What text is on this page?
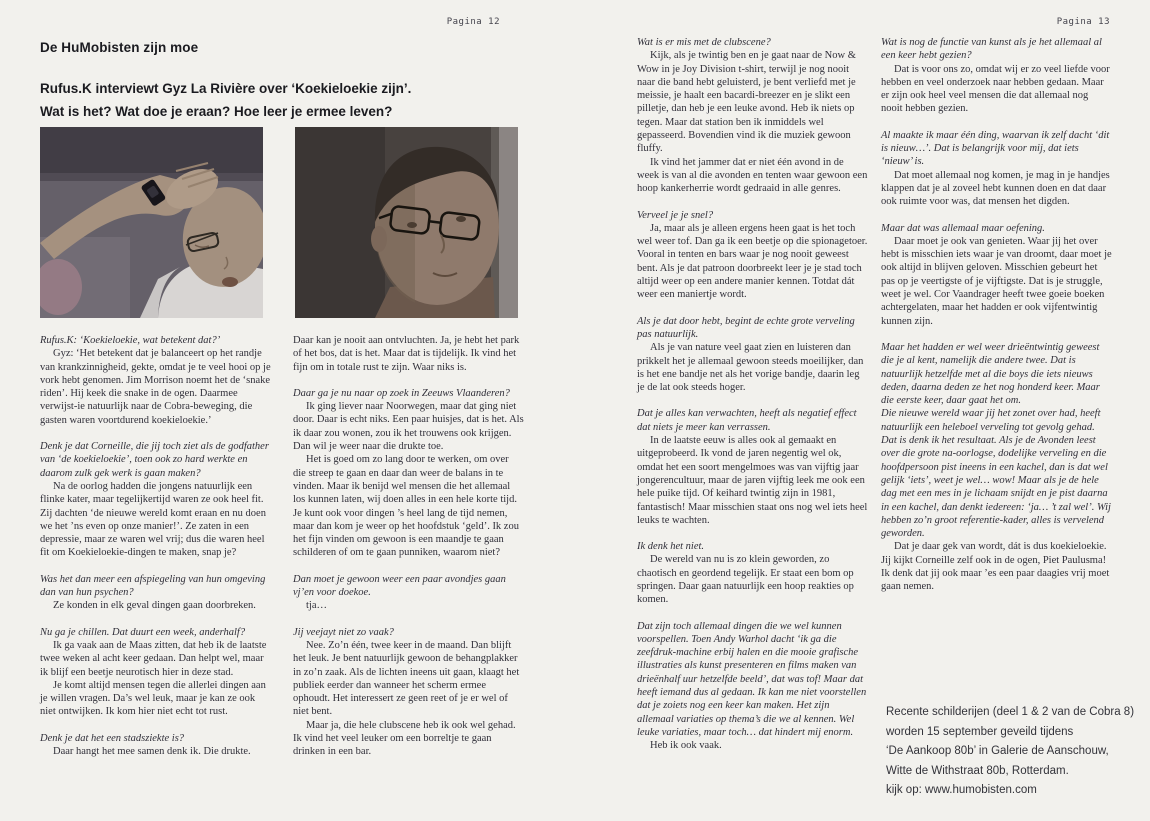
Pagina 12	Pagina 13
De HuMobisten zijn moe
Rufus.K interviewt Gyz La Rivière over ‘Koekieloekie zijn’.
Wat is het? Wat doe je eraan? Hoe leer je ermee leven?

Rufus.K: ‘Koekieloekie, wat betekent dat?’

Gyz: ‘Het betekent dat je balanceert op het randje van krankzinnigheid, gekte, omdat je te veel hooi op je vork hebt genomen. Jim Morrison noemt het de ‘snake riden’. Hij keek die snake in de ogen. Daarmee verwijst-ie natuurlijk naar de Cobra-beweging, die gasten waren voortdurend koekieloekie.’

Denk je dat Corneille, die jij toch ziet als de godfather van ‘de koekieloekie’, toen ook zo hard werkte en daarom zulk gek werk is gaan maken?

Na de oorlog hadden die jongens natuurlijk een flinke kater, maar tegelijkertijd waren ze ook heel fit. Zij dachten ‘de nieuwe wereld komt eraan en nu doen we het ’ns even op onze manier!’. Ze zaten in een depressie, maar ze waren wel vrij; dus die waren heel fit om Koekieloekie-dingen te maken, snap je?

Was het dan meer een afspiegeling van hun omgeving dan van hun psychen?

Ze konden in elk geval dingen gaan doorbreken.

Nu ga je chillen. Dat duurt een week, anderhalf?

Ik ga vaak aan de Maas zitten, dat heb ik de laatste twee weken al acht keer gedaan. Dan helpt wel, maar ik blijf een beetje neurotisch hier in deze stad.

Je komt altijd mensen tegen die allerlei dingen aan je willen vragen. Da’s wel leuk, maar je kan ze ook niet ontwijken. Ik kom hier niet echt tot rust.

Denk je dat het een stadsziekte is?

Daar hangt het mee samen denk ik. Die drukte.

Daar kan je nooit aan ontvluchten. Ja, je hebt het park of het bos, dat is het. Maar dat is tijdelijk. Ik vind het fijn om in totale rust te zijn. Waar niks is.

Daar ga je nu naar op zoek in Zeeuws Vlaanderen?

Ik ging liever naar Noorwegen, maar dat ging niet door. Daar is echt niks. Een paar huisjes, dat is het. Als ik daar zou wonen, zou ik het trouwens ook krijgen. Dan wil je weer naar die drukte toe.

Het is goed om zo lang door te werken, om over die streep te gaan en daar dan weer de balans in te vinden. Maar ik benijd wel mensen die het allemaal los kunnen laten, wij doen alles in een hele korte tijd. Je kunt ook voor dingen ’s heel lang de tijd nemen, maar dan kom je weer op het hoofdstuk ‘geld’. Ik zou het fijn vinden om gewoon is een maandje te gaan schilderen of om te gaan punniken, waarom niet?

Dan moet je gewoon weer een paar avondjes gaan vj’en voor doekoe.

tja…

Jij veejayt niet zo vaak?

Nee. Zo’n één, twee keer in de maand. Dan blijft het leuk. Je bent natuurlijk gewoon de behangplakker in zo’n zaak. Als de lichten ineens uit gaan, klaagt het publiek eerder dan wanneer het scherm ermee ophoudt. Het interessert ze geen reet of je er wel of niet bent.

Maar ja, die hele clubscene heb ik ook wel gehad. Ik vind het veel leuker om een borreltje te gaan drinken in een bar.

Wat is er mis met de clubscene?

Kijk, als je twintig ben en je gaat naar de Now & Wow in je Joy Division t-shirt, terwijl je nog nooit naar die band hebt geluisterd, je bent verliefd met je meissie, je haalt een bacardi-breezer en je slikt een pilletje, dan heb je een leuke avond. Heb ik niets op tegen. Maar dat station ben ik inmiddels wel gepasseerd. Bovendien vind ik die muziek gewoon fluffy.

Ik vind het jammer dat er niet één avond in de week is van al die avonden en tenten waar gewoon een hoop kankerherrie wordt gedraaid in alle genres.

Verveel je je snel?

Ja, maar als je alleen ergens heen gaat is het toch wel weer tof. Dan ga ik een beetje op die spionagetoer. Vooral in tenten en bars waar je nog nooit geweest bent. Als je dat patroon doorbreekt leer je je stad toch altijd weer op een andere manier kennen. Totdat dát weer een maniertje wordt.

Als je dat door hebt, begint de echte grote verveling pas natuurlijk.

Als je van nature veel gaat zien en luisteren dan prikkelt het je allemaal gewoon steeds moeilijker, dan is het ene bandje net als het vorige bandje, daarin leg je de lat ook steeds hoger.

Dat je alles kan verwachten, heeft als negatief effect dat niets je meer kan verrassen.

In de laatste eeuw is alles ook al gemaakt en uitgeprobeerd. Ik vond de jaren negentig wel ok, omdat het een soort mengelmoes was van vijftig jaar jongerencultuur, maar de jaren vijftig leek me ook een hele puike tijd. Of keihard twintig zijn in 1981, fantastisch! Maar misschien staat ons nog wel iets heel leuks te wachten.

Ik denk het niet.

De wereld van nu is zo klein geworden, zo chaotisch en geordend tegelijk. Er staat een bom op springen. Daar gaan natuurlijk een hoop reakties op komen.

Dat zijn toch allemaal dingen die we wel kunnen voorspellen. Toen Andy Warhol dacht ‘ik ga die zeefdruk-machine erbij halen en die mooie grafische illustraties als kunst presenteren en films maken van drieënhalf uur hetzelfde beeld’, dat was tof! Maar dat heeft iemand dus al gedaan. Ik kan me niet voorstellen dat je zoiets nog een keer kan maken. Het zijn allemaal variaties op thema’s die we al kennen. Wel leuke variaties, maar toch… dat hindert mij enorm.

Heb ik ook vaak.

Wat is nog de functie van kunst als je het allemaal al een keer hebt gezien?

Dat is voor ons zo, omdat wij er zo veel liefde voor hebben en veel onderzoek naar hebben gedaan. Maar er zijn ook heel veel mensen die dat allemaal nog nooit hebben gezien.

Al maakte ik maar één ding, waarvan ik zelf dacht ‘dit is nieuw…’. Dat is belangrijk voor mij, dat iets ‘nieuw’ is.

Dat moet allemaal nog komen, je mag in je handjes klappen dat je al zoveel hebt kunnen doen en dat daar ook ruimte voor was, dat mensen het digden.

Maar dat was allemaal maar oefening.

Daar moet je ook van genieten. Waar jij het over hebt is misschien iets waar je van droomt, daar moet je ook altijd in blijven geloven. Misschien gebeurt het pas op je veertigste of je vijftigste. Dat is je struggle, weet je wel. Cor Vaandrager heeft twee goeie boeken achtergelaten, maar het hadden er ook vijfentwintig kunnen zijn.

Maar het hadden er wel weer drieëntwintig geweest die je al kent, namelijk die andere twee. Dat is natuurlijk hetzelfde met al die boys die iets nieuws deden, daarna deden ze het nog honderd keer. Maar die eerste keer, daar gaat het om.

Die nieuwe wereld waar jij het zonet over had, heeft natuurlijk een heleboel verveling tot gevolg gehad. Dat is denk ik het resultaat. Als je de Avonden leest over die grote na-oorlogse, dodelijke verveling en die hoofdpersoon pist ineens in een kachel, dan is dat wel gelijk ‘iets’, weet je wel… wow! Maar als je de hele dag met een mes in je lichaam snijdt en je pist daarna in een kachel, dan denkt iedereen: ‘ja… ’t zal wel’. Wij hebben zo’n groot referentie-kader, alles is vervelend geworden.

Dat je daar gek van wordt, dát is dus koekieloekie. Jij kijkt Corneille zelf ook in de ogen, Piet Paulusma! Ik denk dat jij ook maar ’es een paar daagies vrij moet gaan nemen.

Recente schilderijen (deel 1 & 2 van de Cobra 8)
worden 15 september geveild tijdens
‘De Aankoop 80b’ in Galerie de Aanschouw,
Witte de Withstraat 80b, Rotterdam.
kijk op: www.humobisten.com
